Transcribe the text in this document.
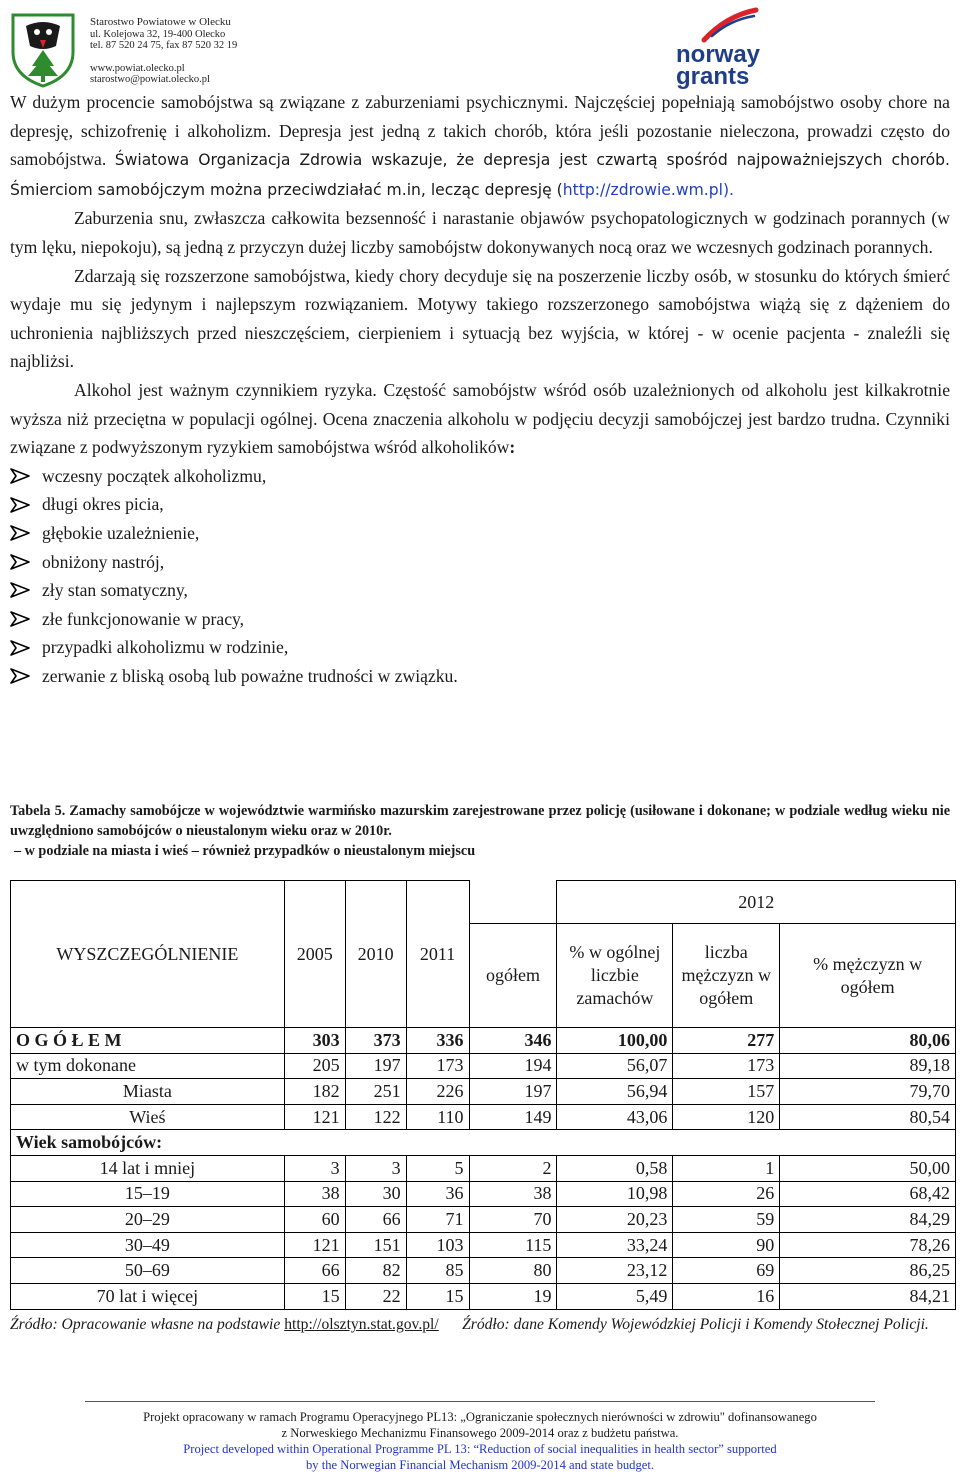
Starostwo Powiatowe w Olecku
ul. Kolejowa 32, 19-400 Olecko
tel. 87 520 24 75, fax 87 520 32 19
www.powiat.olecko.pl
starostwo@powiat.olecko.pl
norway
grants

W dużym procencie samobójstwa są związane z zaburzeniami psychicznymi. Najczęściej popełniają samobójstwo osoby chore na depresję, schizofrenię i alkoholizm. Depresja jest jedną z takich chorób, która jeśli pozostanie nieleczona, prowadzi często do samobójstwa. Światowa Organizacja Zdrowia wskazuje, że depresja jest czwartą spośród najpoważniejszych chorób. Śmierciom samobójczym można przeciwdziałać m.in, lecząc depresję (http://zdrowie.wm.pl).

Zaburzenia snu, zwłaszcza całkowita bezsenność i narastanie objawów psychopatologicznych w godzinach porannych (w tym lęku, niepokoju), są jedną z przyczyn dużej liczby samobójstw dokonywanych nocą oraz we wczesnych godzinach porannych.

Zdarzają się rozszerzone samobójstwa, kiedy chory decyduje się na poszerzenie liczby osób, w stosunku do których śmierć wydaje mu się jedynym i najlepszym rozwiązaniem. Motywy takiego rozszerzonego samobójstwa wiążą się z dążeniem do uchronienia najbliższych przed nieszczęściem, cierpieniem i sytuacją bez wyjścia, w której - w ocenie pacjenta - znaleźli się najbliżsi.

Alkohol jest ważnym czynnikiem ryzyka. Częstość samobójstw wśród osób uzależnionych od alkoholu jest kilkakrotnie wyższa niż przeciętna w populacji ogólnej. Ocena znaczenia alkoholu w podjęciu decyzji samobójczej jest bardzo trudna. Czynniki związane z podwyższonym ryzykiem samobójstwa wśród alkoholików:

wczesny początek alkoholizmu,
długi okres picia,
głębokie uzależnienie,
obniżony nastrój,
zły stan somatyczny,
złe funkcjonowanie w pracy,
przypadki alkoholizmu w rodzinie,
zerwanie z bliską osobą lub poważne trudności w związku.

Tabela 5. Zamachy samobójcze w województwie warmińsko mazurskim zarejestrowane przez policję (usiłowane i dokonane; w podziale według wieku nie uwzględniono samobójców o nieustalonym wieku oraz w 2010r.

– w podziale na miasta i wieś – również przypadków o nieustalonym miejscu

WYSZCZEGÓLNIENIE	2005	2010	2011		2012		
				ogółem	% w ogólnej liczbie zamachów	liczba mężczyzn w ogółem	% mężczyzn w ogółem
O G Ó Ł E M	303	373	336	346	100,00	277	80,06
w tym dokonane	205	197	173	194	56,07	173	89,18
Miasta	182	251	226	197	56,94	157	79,70
Wieś	121	122	110	149	43,06	120	80,54
Wiek samobójców:							
14 lat i mniej	3	3	5	2	0,58	1	50,00
15–19	38	30	36	38	10,98	26	68,42
20–29	60	66	71	70	20,23	59	84,29
30–49	121	151	103	115	33,24	90	78,26
50–69	66	82	85	80	23,12	69	86,25
70 lat i więcej	15	22	15	19	5,49	16	84,21

Źródło: Opracowanie własne na podstawie http://olsztyn.stat.gov.pl/ Źródło: dane Komendy Wojewódzkiej Policji i Komendy Stołecznej Policji.

Projekt opracowany w ramach Programu Operacyjnego PL13: „Ograniczanie społecznych nierówności w zdrowiu" dofinansowanego
z Norweskiego Mechanizmu Finansowego 2009-2014 oraz z budżetu państwa.
Project developed within Operational Programme PL 13: “Reduction of social inequalities in health sector” supported
by the Norwegian Financial Mechanism 2009-2014 and state budget.
